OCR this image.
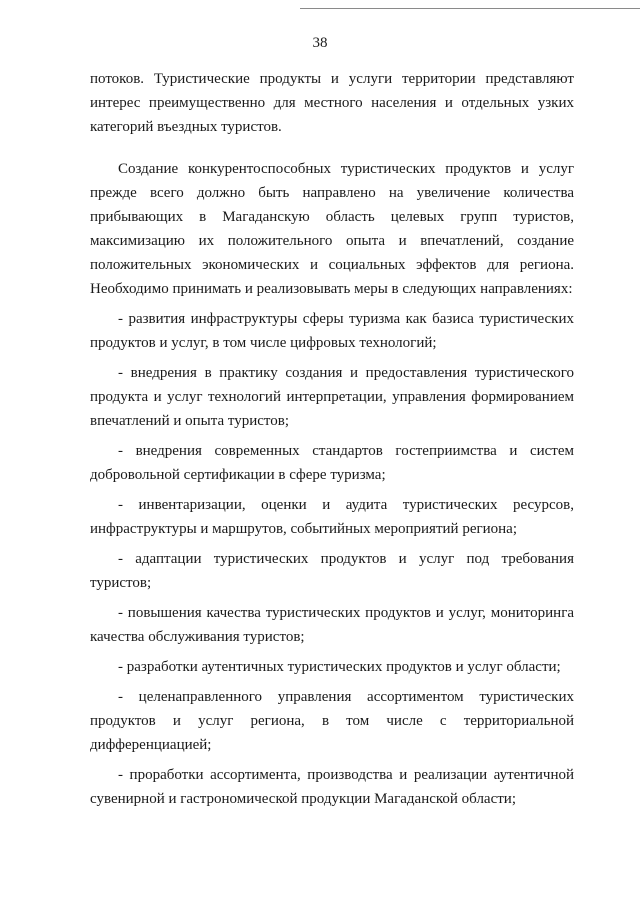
38

потоков. Туристические продукты и услуги территории представляют интерес преимущественно для местного населения и отдельных узких категорий въездных туристов.

Создание конкурентоспособных туристических продуктов и услуг прежде всего должно быть направлено на увеличение количества прибывающих в Магаданскую область целевых групп туристов, максимизацию их положительного опыта и впечатлений, создание положительных экономических и социальных эффектов для региона. Необходимо принимать и реализовывать меры в следующих направлениях:

- развития инфраструктуры сферы туризма как базиса туристических продуктов и услуг, в том числе цифровых технологий;

- внедрения в практику создания и предоставления туристического продукта и услуг технологий интерпретации, управления формированием впечатлений и опыта туристов;

- внедрения современных стандартов гостеприимства и систем добровольной сертификации в сфере туризма;

- инвентаризации, оценки и аудита туристических ресурсов, инфраструктуры и маршрутов, событийных мероприятий региона;

- адаптации туристических продуктов и услуг под требования туристов;

- повышения качества туристических продуктов и услуг, мониторинга качества обслуживания туристов;

- разработки аутентичных туристических продуктов и услуг области;

- целенаправленного управления ассортиментом туристических продуктов и услуг региона, в том числе с территориальной дифференциацией;

- проработки ассортимента, производства и реализации аутентичной сувенирной и гастрономической продукции Магаданской области;
